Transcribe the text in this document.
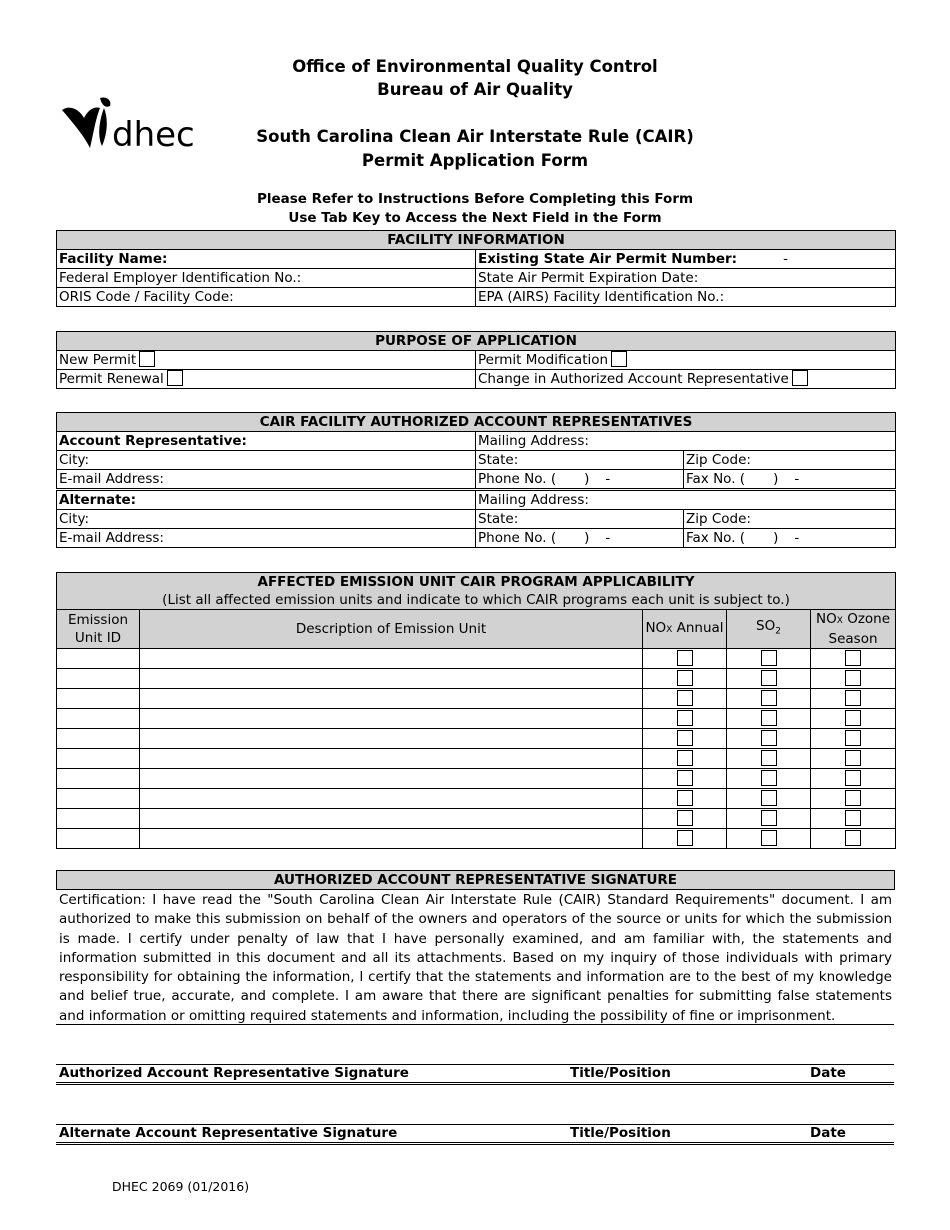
Office of Environmental Quality Control
Bureau of Air Quality
South Carolina Clean Air Interstate Rule (CAIR)
Permit Application Form
Please Refer to Instructions Before Completing this Form
Use Tab Key to Access the Next Field in the Form
dhec
FACILITY INFORMATION	
Facility Name:	Existing State Air Permit Number: -
Federal Employer Identification No.:	State Air Permit Expiration Date:
ORIS Code / Facility Code:	EPA (AIRS) Facility Identification No.:
PURPOSE OF APPLICATION	
New Permit	Permit Modification
Permit Renewal	Change in Authorized Account Representative
CAIR FACILITY AUTHORIZED ACCOUNT REPRESENTATIVES		
Account Representative:	Mailing Address:	
City:	State:	Zip Code:
E-mail Address:	Phone No. ( ) -	Fax No. ( ) -
Alternate:	Mailing Address:	
City:	State:	Zip Code:
E-mail Address:	Phone No. ( ) -	Fax No. ( ) -
AFFECTED EMISSION UNIT CAIR PROGRAM APPLICABILITY				
(List all affected emission units and indicate to which CAIR programs each unit is subject to.)				
Emission Unit ID	Description of Emission Unit	NOX Annual	$SO_2$	NOX Ozone Season

AUTHORIZED ACCOUNT REPRESENTATIVE SIGNATURE
Certification: I have read the "South Carolina Clean Air Interstate Rule (CAIR) Standard Requirements" document. I am authorized to make this submission on behalf of the owners and operators of the source or units for which the submission is made. I certify under penalty of law that I have personally examined, and am familiar with, the statements and information submitted in this document and all its attachments. Based on my inquiry of those individuals with primary responsibility for obtaining the information, I certify that the statements and information are to the best of my knowledge and belief true, accurate, and complete. I am aware that there are significant penalties for submitting false statements and information or omitting required statements and information, including the possibility of fine or imprisonment.
Authorized Account Representative Signature	Title/Position	Date
Alternate Account Representative Signature	Title/Position	Date
DHEC 2069 (01/2016)
